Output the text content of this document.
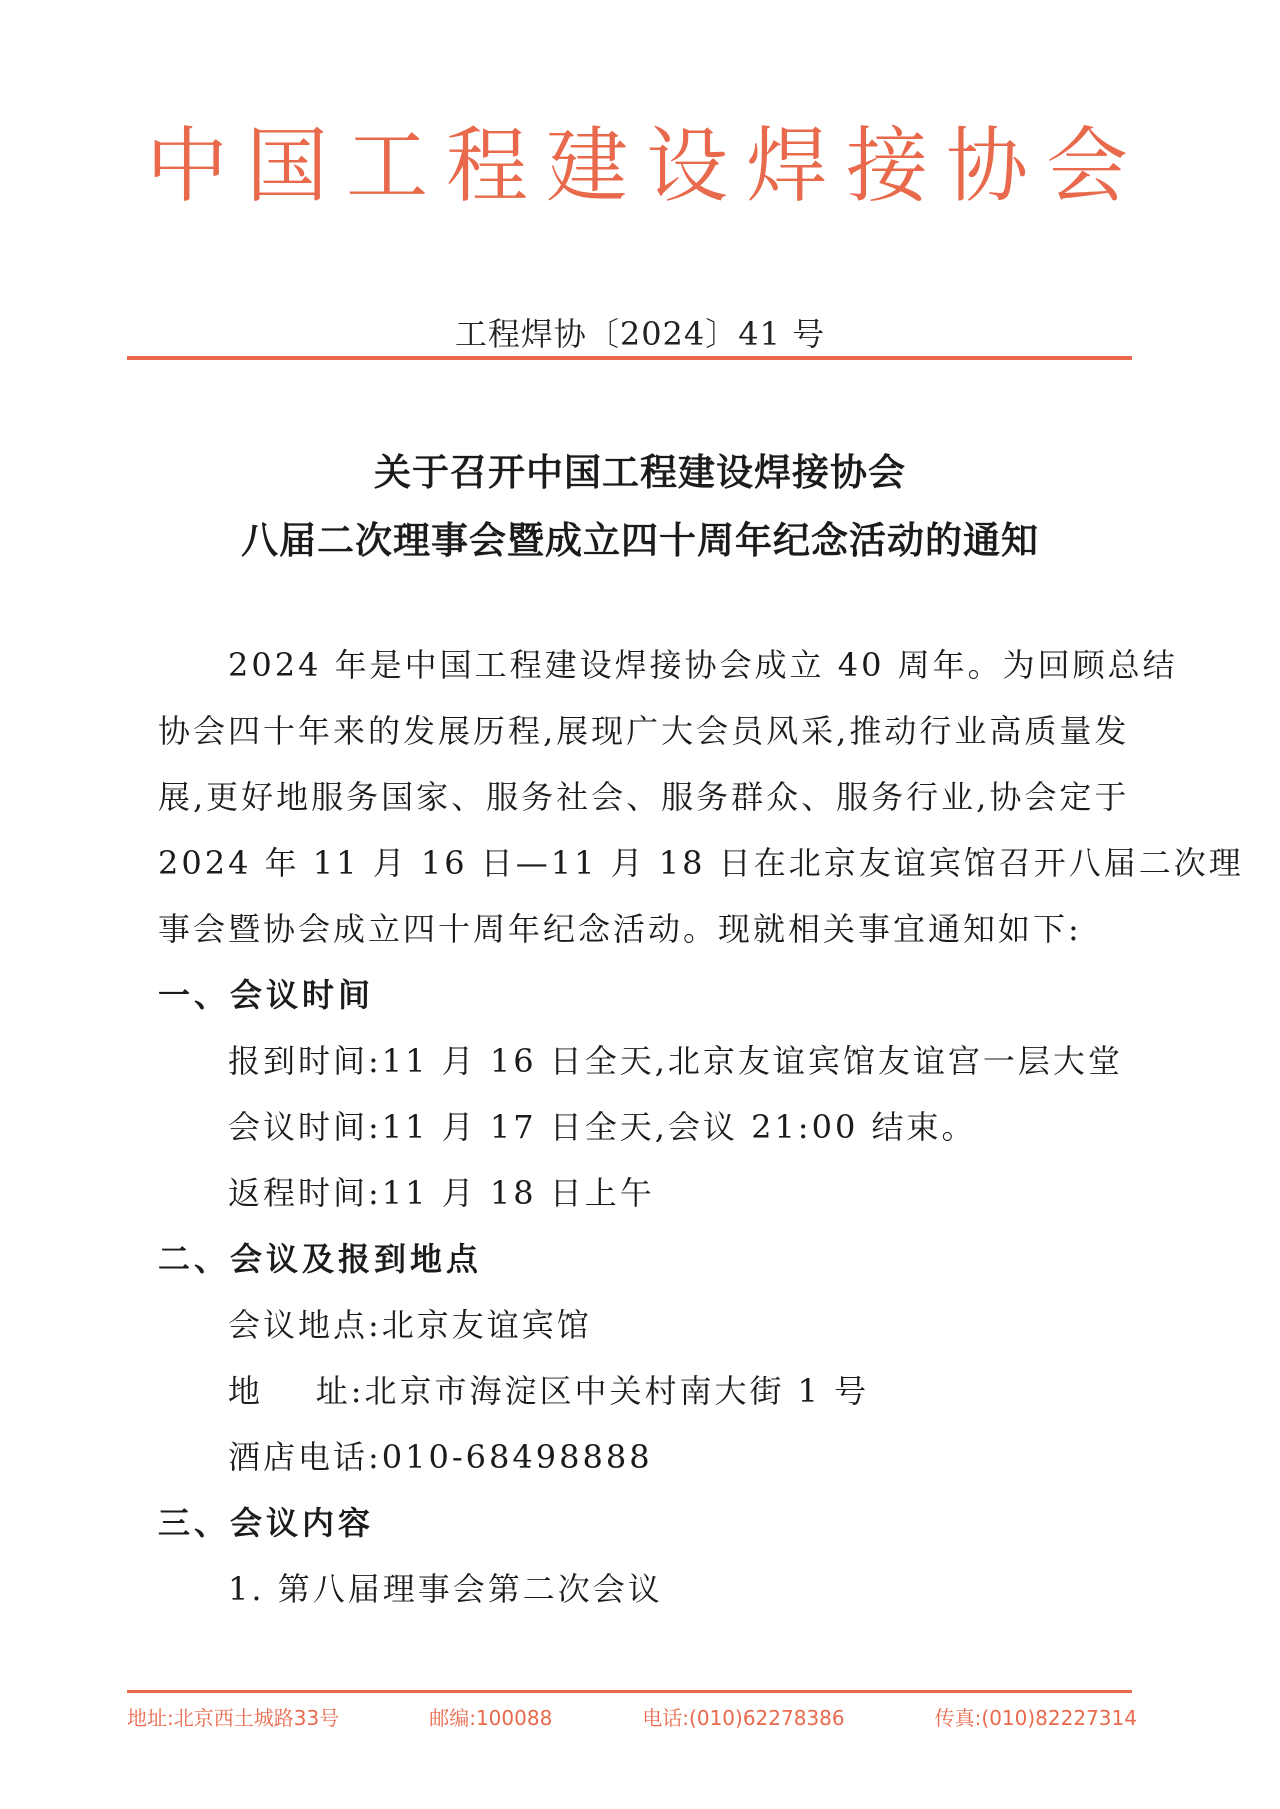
中国工程建设焊接协会
工程焊协〔2024〕41 号
关于召开中国工程建设焊接协会
八届二次理事会暨成立四十周年纪念活动的通知
2024 年是中国工程建设焊接协会成立 40 周年。为回顾总结
协会四十年来的发展历程,展现广大会员风采,推动行业高质量发
展,更好地服务国家、服务社会、服务群众、服务行业,协会定于
2024 年 11 月 16 日—11 月 18 日在北京友谊宾馆召开八届二次理
事会暨协会成立四十周年纪念活动。现就相关事宜通知如下:
一、会议时间
报到时间:11 月 16 日全天,北京友谊宾馆友谊宫一层大堂
会议时间:11 月 17 日全天,会议 21:00 结束。
返程时间:11 月 18 日上午
二、会议及报到地点
会议地点:北京友谊宾馆
地    址:北京市海淀区中关村南大街 1 号
酒店电话:010-68498888
三、会议内容
1. 第八届理事会第二次会议
地址:北京西土城路33号	邮编:100088	电话:(010)62278386	传真:(010)82227314
